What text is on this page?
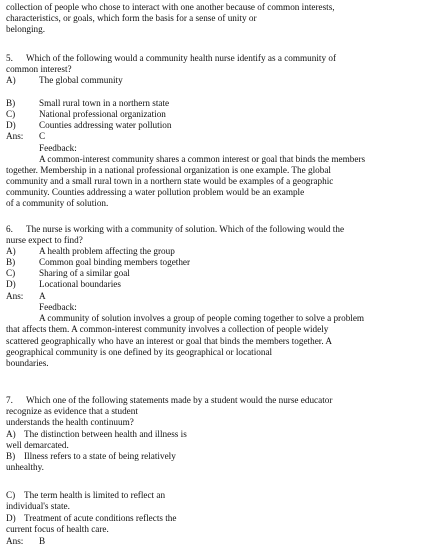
collection of people who chose to interact with one another because of common interests,
characteristics, or goals, which form the basis for a sense of unity or
belonging.
5. Which of the following would a community health nurse identify as a community of
common interest?
A)	The global community
B)	Small rural town in a northern state
C)	National professional organization
D)	Counties addressing water pollution
Ans: C
Feedback:
A common-interest community shares a common interest or goal that binds the members
together. Membership in a national professional organization is one example. The global
community and a small rural town in a northern state would be examples of a geographic
community. Counties addressing a water pollution problem would be an example
of a community of solution.
6. The nurse is working with a community of solution. Which of the following would the
nurse expect to find?
A)	A health problem affecting the group
B)	Common goal binding members together
C)	Sharing of a similar goal
D)	Locational boundaries
Ans: A
Feedback:
A community of solution involves a group of people coming together to solve a problem
that affects them. A common-interest community involves a collection of people widely
scattered geographically who have an interest or goal that binds the members together. A
geographical community is one defined by its geographical or locational
boundaries.
7. Which one of the following statements made by a student would the nurse educator
recognize as evidence that a student
understands the health continuum?
A) The distinction between health and illness is
well demarcated.
B) Illness refers to a state of being relatively
unhealthy.
C) The term health is limited to reflect an
individual's state.
D) Treatment of acute conditions reflects the
current focus of health care.
Ans: B
